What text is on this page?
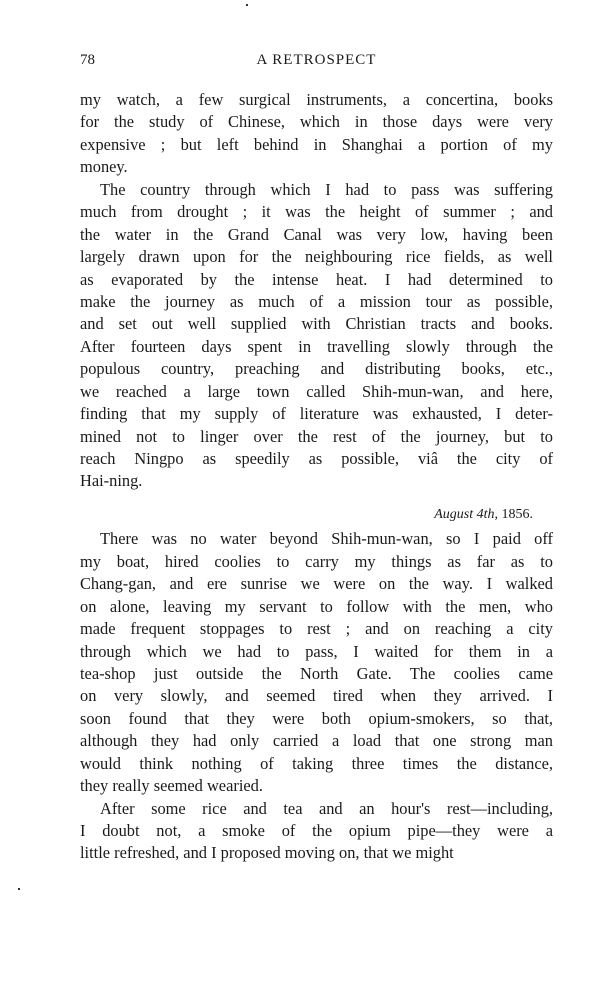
78	A RETROSPECT
my watch, a few surgical instruments, a concertina, books
for the study of Chinese, which in those days were very
expensive ; but left behind in Shanghai a portion of my
money.
The country through which I had to pass was suffering
much from drought ; it was the height of summer ; and
the water in the Grand Canal was very low, having been
largely drawn upon for the neighbouring rice fields, as well
as evaporated by the intense heat. I had determined to
make the journey as much of a mission tour as possible,
and set out well supplied with Christian tracts and books.
After fourteen days spent in travelling slowly through the
populous country, preaching and distributing books, etc.,
we reached a large town called Shih-mun-wan, and here,
finding that my supply of literature was exhausted, I deter-
mined not to linger over the rest of the journey, but to
reach Ningpo as speedily as possible, viâ the city of
Hai-ning.
August 4th, 1856.
There was no water beyond Shih-mun-wan, so I paid off
my boat, hired coolies to carry my things as far as to
Chang-gan, and ere sunrise we were on the way. I walked
on alone, leaving my servant to follow with the men, who
made frequent stoppages to rest ; and on reaching a city
through which we had to pass, I waited for them in a
tea-shop just outside the North Gate. The coolies came
on very slowly, and seemed tired when they arrived. I
soon found that they were both opium-smokers, so that,
although they had only carried a load that one strong man
would think nothing of taking three times the distance,
they really seemed wearied.
After some rice and tea and an hour's rest—including,
I doubt not, a smoke of the opium pipe—they were a
little refreshed, and I proposed moving on, that we might
